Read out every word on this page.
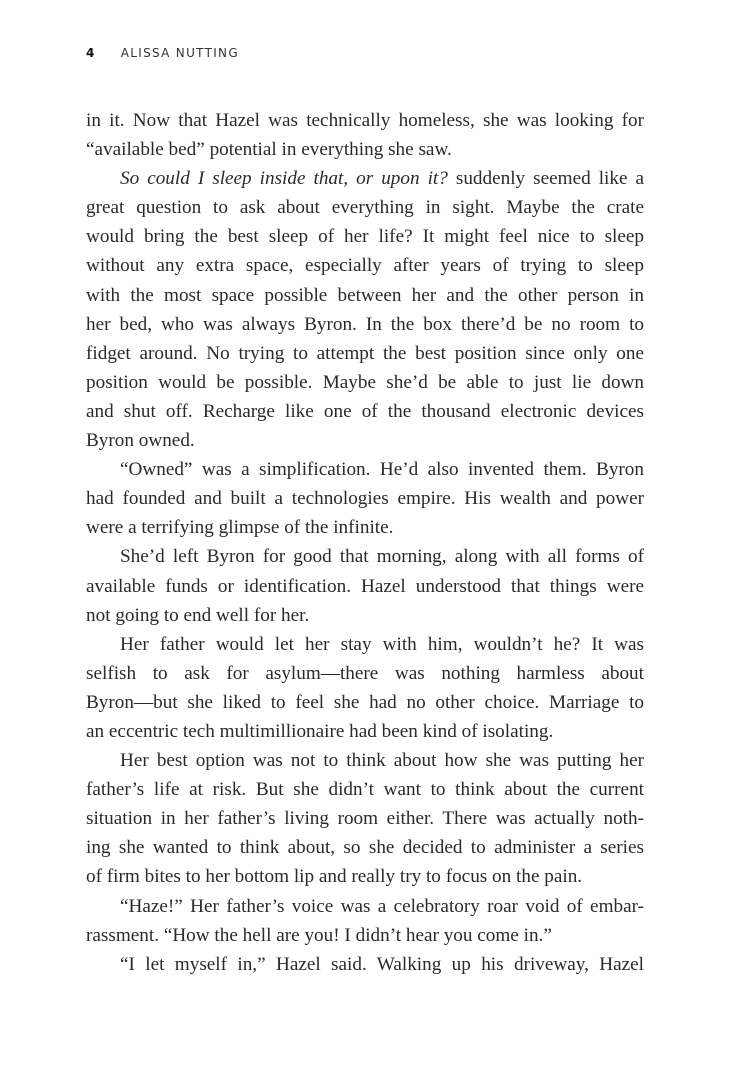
4 ALISSA NUTTING
in it. Now that Hazel was technically homeless, she was looking for
“available bed” potential in everything she saw.
So could I sleep inside that, or upon it? suddenly seemed like a
great question to ask about everything in sight. Maybe the crate
would bring the best sleep of her life? It might feel nice to sleep
without any extra space, especially after years of trying to sleep
with the most space possible between her and the other person in
her bed, who was always Byron. In the box there’d be no room to
fidget around. No trying to attempt the best position since only one
position would be possible. Maybe she’d be able to just lie down
and shut off. Recharge like one of the thousand electronic devices
Byron owned.
“Owned” was a simplification. He’d also invented them. Byron
had founded and built a technologies empire. His wealth and power
were a terrifying glimpse of the infinite.
She’d left Byron for good that morning, along with all forms of
available funds or identification. Hazel understood that things were
not going to end well for her.
Her father would let her stay with him, wouldn’t he? It was
selfish to ask for asylum—there was nothing harmless about
Byron—but she liked to feel she had no other choice. Marriage to
an eccentric tech multimillionaire had been kind of isolating.
Her best option was not to think about how she was putting her
father’s life at risk. But she didn’t want to think about the current
situation in her father’s living room either. There was actually noth-
ing she wanted to think about, so she decided to administer a series
of firm bites to her bottom lip and really try to focus on the pain.
“Haze!” Her father’s voice was a celebratory roar void of embar-
rassment. “How the hell are you! I didn’t hear you come in.”
“I let myself in,” Hazel said. Walking up his driveway, Hazel
